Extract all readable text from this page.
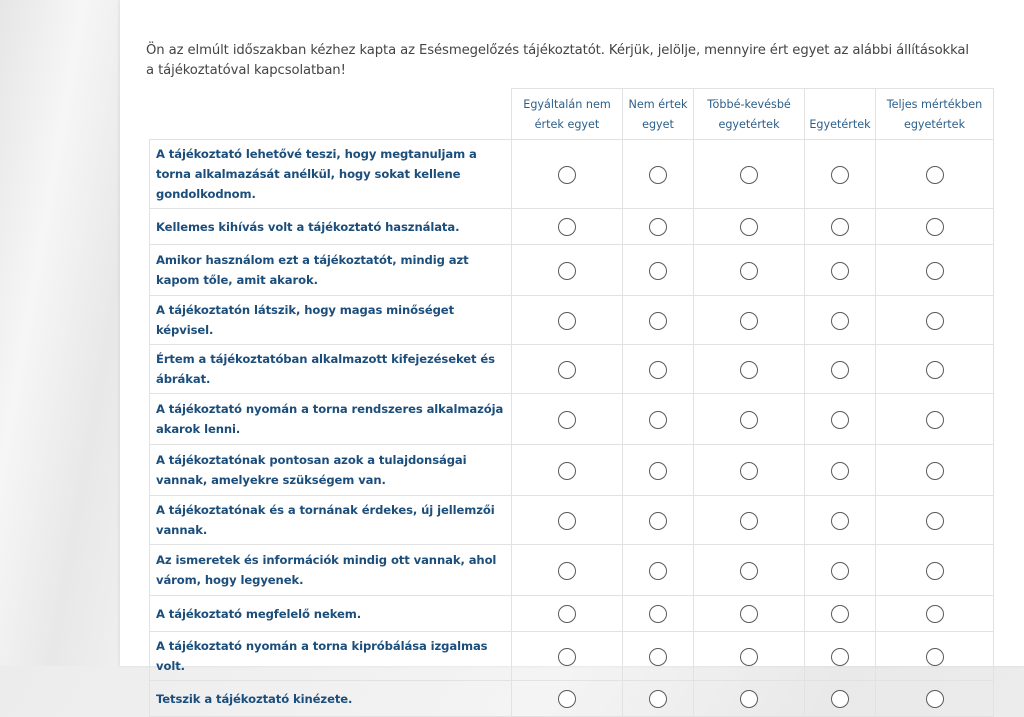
Ön az elmúlt időszakban kézhez kapta az Esésmegelőzés tájékoztatót. Kérjük, jelölje, mennyire ért egyet az alábbi állításokkal a tájékoztatóval kapcsolatban!
	Egyáltalán nem értek egyet	Nem értek egyet	Többé-kevésbé egyetértek	Egyetértek	Teljes mértékben egyetértek
A tájékoztató lehetővé teszi, hogy megtanuljam a torna alkalmazását anélkül, hogy sokat kellene gondolkodnom.					
Kellemes kihívás volt a tájékoztató használata.					
Amikor használom ezt a tájékoztatót, mindig azt kapom tőle, amit akarok.					
A tájékoztatón látszik, hogy magas minőséget képvisel.					
Értem a tájékoztatóban alkalmazott kifejezéseket és ábrákat.					
A tájékoztató nyomán a torna rendszeres alkalmazója akarok lenni.					
A tájékoztatónak pontosan azok a tulajdonságai vannak, amelyekre szükségem van.					
A tájékoztatónak és a tornának érdekes, új jellemzői vannak.					
Az ismeretek és információk mindig ott vannak, ahol várom, hogy legyenek.					
A tájékoztató megfelelő nekem.					
A tájékoztató nyomán a torna kipróbálása izgalmas volt.					
Tetszik a tájékoztató kinézete.					
